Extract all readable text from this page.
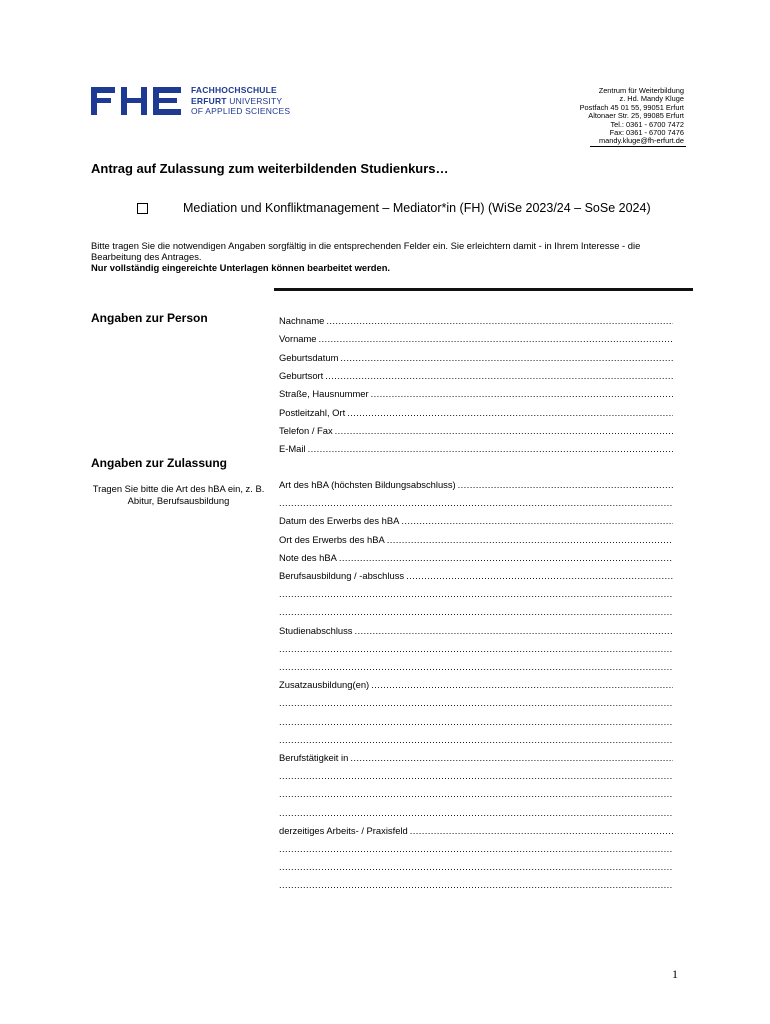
FACHHOCHSCHULE
ERFURT UNIVERSITY
OF APPLIED SCIENCES
Zentrum für Weiterbildung
z. Hd. Mandy Kluge
Postfach 45 01 55, 99051 Erfurt
Altonaer Str. 25, 99085 Erfurt
Tel.: 0361 - 6700 7472
Fax: 0361 - 6700 7476
mandy.kluge@fh-erfurt.de
Antrag auf Zulassung zum weiterbildenden Studienkurs…
Mediation und Konfliktmanagement – Mediator*in (FH) (WiSe 2023/24 – SoSe 2024)
Bitte tragen Sie die notwendigen Angaben sorgfältig in die entsprechenden Felder ein. Sie erleichtern damit - in Ihrem Interesse - die Bearbeitung des Antrages.
Nur vollständig eingereichte Unterlagen können bearbeitet werden.
Angaben zur Person
Angaben zur Zulassung
Tragen Sie bitte die Art des hBA ein, z. B. Abitur, Berufsausbildung
Nachname
.....
Vorname
.....
Geburtsdatum
.....
Geburtsort
.....
Straße, Hausnummer
.....
Postleitzahl, Ort
.....
Telefon / Fax
.....
E-Mail
.....
Art des hBA (höchsten Bildungsabschluss)
.....
.....
Datum des Erwerbs des hBA
.....
Ort des Erwerbs des hBA
.....
Note des hBA
.....
Berufsausbildung / -abschluss
.....
.....
.....
Studienabschluss
.....
.....
.....
Zusatzausbildung(en)
.....
.....
.....
.....
Berufstätigkeit in
.....
.....
.....
.....
derzeitiges Arbeits- / Praxisfeld
.....
.....
.....
.....
1
